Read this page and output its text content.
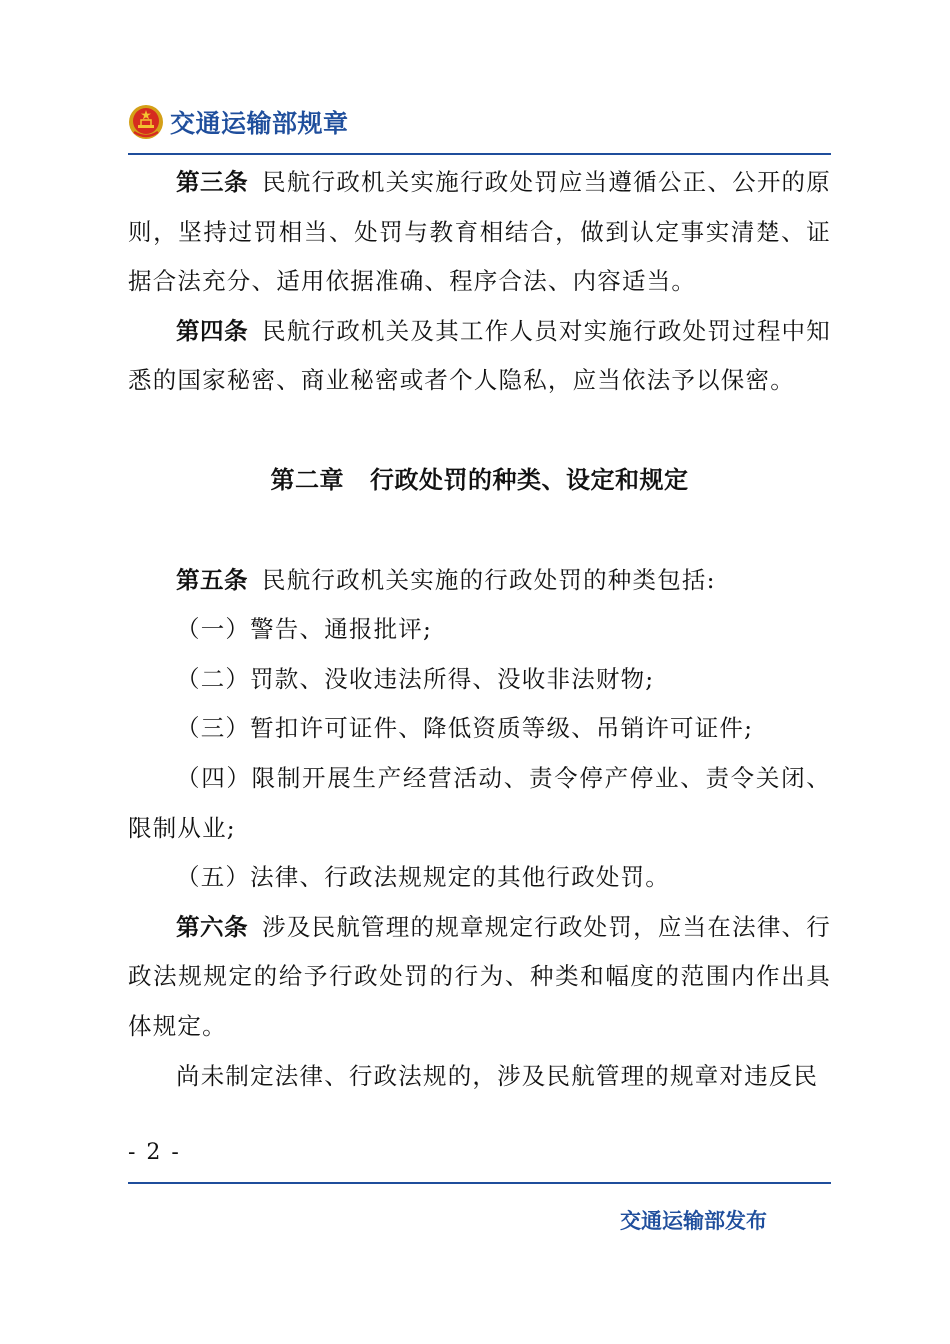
交通运输部规章

第三条 民航行政机关实施行政处罚应当遵循公正、公开的原则，坚持过罚相当、处罚与教育相结合，做到认定事实清楚、证据合法充分、适用依据准确、程序合法、内容适当。

第四条 民航行政机关及其工作人员对实施行政处罚过程中知悉的国家秘密、商业秘密或者个人隐私，应当依法予以保密。

第二章 行政处罚的种类、设定和规定

第五条 民航行政机关实施的行政处罚的种类包括:

（一）警告、通报批评;

（二）罚款、没收违法所得、没收非法财物;

（三）暂扣许可证件、降低资质等级、吊销许可证件;

（四）限制开展生产经营活动、责令停产停业、责令关闭、限制从业;

（五）法律、行政法规规定的其他行政处罚。

第六条 涉及民航管理的规章规定行政处罚，应当在法律、行政法规规定的给予行政处罚的行为、种类和幅度的范围内作出具体规定。

尚未制定法律、行政法规的，涉及民航管理的规章对违反民

- 2 -
交通运输部发布
